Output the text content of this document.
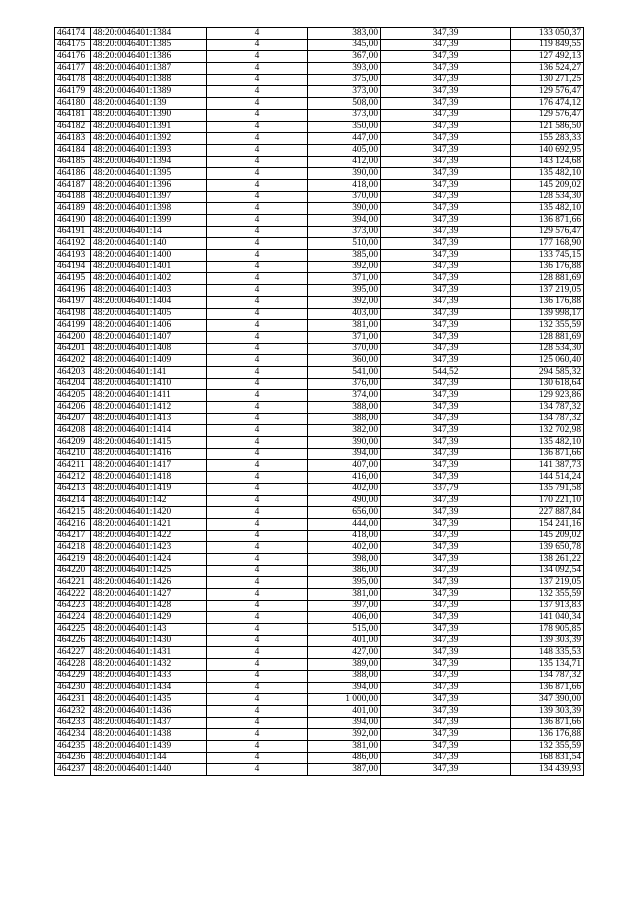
464174	48:20:0046401:1384	4	383,00	347,39	133 050,37
464175	48:20:0046401:1385	4	345,00	347,39	119 849,55
464176	48:20:0046401:1386	4	367,00	347,39	127 492,13
464177	48:20:0046401:1387	4	393,00	347,39	136 524,27
464178	48:20:0046401:1388	4	375,00	347,39	130 271,25
464179	48:20:0046401:1389	4	373,00	347,39	129 576,47
464180	48:20:0046401:139	4	508,00	347,39	176 474,12
464181	48:20:0046401:1390	4	373,00	347,39	129 576,47
464182	48:20:0046401:1391	4	350,00	347,39	121 586,50
464183	48:20:0046401:1392	4	447,00	347,39	155 283,33
464184	48:20:0046401:1393	4	405,00	347,39	140 692,95
464185	48:20:0046401:1394	4	412,00	347,39	143 124,68
464186	48:20:0046401:1395	4	390,00	347,39	135 482,10
464187	48:20:0046401:1396	4	418,00	347,39	145 209,02
464188	48:20:0046401:1397	4	370,00	347,39	128 534,30
464189	48:20:0046401:1398	4	390,00	347,39	135 482,10
464190	48:20:0046401:1399	4	394,00	347,39	136 871,66
464191	48:20:0046401:14	4	373,00	347,39	129 576,47
464192	48:20:0046401:140	4	510,00	347,39	177 168,90
464193	48:20:0046401:1400	4	385,00	347,39	133 745,15
464194	48:20:0046401:1401	4	392,00	347,39	136 176,88
464195	48:20:0046401:1402	4	371,00	347,39	128 881,69
464196	48:20:0046401:1403	4	395,00	347,39	137 219,05
464197	48:20:0046401:1404	4	392,00	347,39	136 176,88
464198	48:20:0046401:1405	4	403,00	347,39	139 998,17
464199	48:20:0046401:1406	4	381,00	347,39	132 355,59
464200	48:20:0046401:1407	4	371,00	347,39	128 881,69
464201	48:20:0046401:1408	4	370,00	347,39	128 534,30
464202	48:20:0046401:1409	4	360,00	347,39	125 060,40
464203	48:20:0046401:141	4	541,00	544,52	294 585,32
464204	48:20:0046401:1410	4	376,00	347,39	130 618,64
464205	48:20:0046401:1411	4	374,00	347,39	129 923,86
464206	48:20:0046401:1412	4	388,00	347,39	134 787,32
464207	48:20:0046401:1413	4	388,00	347,39	134 787,32
464208	48:20:0046401:1414	4	382,00	347,39	132 702,98
464209	48:20:0046401:1415	4	390,00	347,39	135 482,10
464210	48:20:0046401:1416	4	394,00	347,39	136 871,66
464211	48:20:0046401:1417	4	407,00	347,39	141 387,73
464212	48:20:0046401:1418	4	416,00	347,39	144 514,24
464213	48:20:0046401:1419	4	402,00	337,79	135 791,58
464214	48:20:0046401:142	4	490,00	347,39	170 221,10
464215	48:20:0046401:1420	4	656,00	347,39	227 887,84
464216	48:20:0046401:1421	4	444,00	347,39	154 241,16
464217	48:20:0046401:1422	4	418,00	347,39	145 209,02
464218	48:20:0046401:1423	4	402,00	347,39	139 650,78
464219	48:20:0046401:1424	4	398,00	347,39	138 261,22
464220	48:20:0046401:1425	4	386,00	347,39	134 092,54
464221	48:20:0046401:1426	4	395,00	347,39	137 219,05
464222	48:20:0046401:1427	4	381,00	347,39	132 355,59
464223	48:20:0046401:1428	4	397,00	347,39	137 913,83
464224	48:20:0046401:1429	4	406,00	347,39	141 040,34
464225	48:20:0046401:143	4	515,00	347,39	178 905,85
464226	48:20:0046401:1430	4	401,00	347,39	139 303,39
464227	48:20:0046401:1431	4	427,00	347,39	148 335,53
464228	48:20:0046401:1432	4	389,00	347,39	135 134,71
464229	48:20:0046401:1433	4	388,00	347,39	134 787,32
464230	48:20:0046401:1434	4	394,00	347,39	136 871,66
464231	48:20:0046401:1435	4	1 000,00	347,39	347 390,00
464232	48:20:0046401:1436	4	401,00	347,39	139 303,39
464233	48:20:0046401:1437	4	394,00	347,39	136 871,66
464234	48:20:0046401:1438	4	392,00	347,39	136 176,88
464235	48:20:0046401:1439	4	381,00	347,39	132 355,59
464236	48:20:0046401:144	4	486,00	347,39	168 831,54
464237	48:20:0046401:1440	4	387,00	347,39	134 439,93
